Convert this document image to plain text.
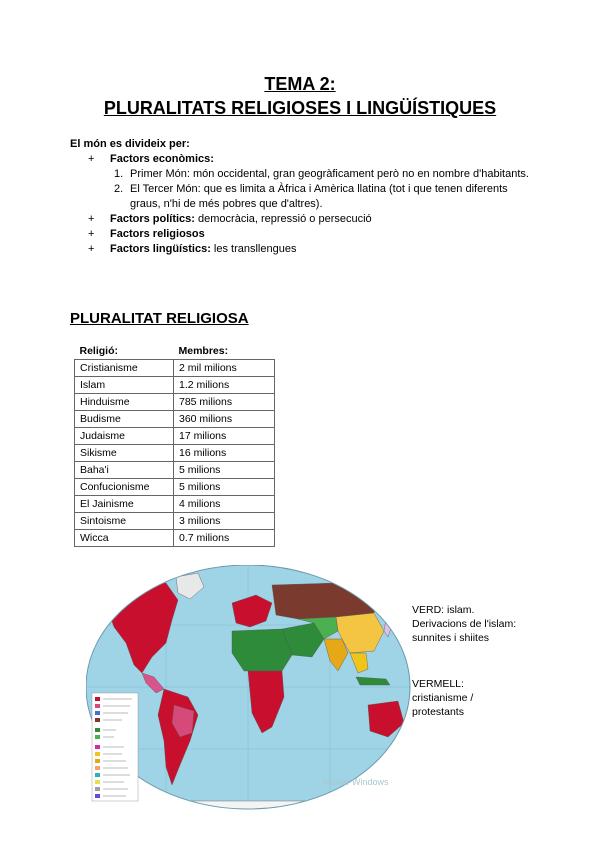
TEMA 2:
PLURALITATS RELIGIOSES I LINGÜÍSTIQUES
El món es divideix per:
+ Factors econòmics:
1. Primer Món: món occidental, gran geogràficament però no en nombre d'habitants.
2. El Tercer Món: que es limita a Àfrica i Amèrica llatina (tot i que tenen diferents graus, n'hi de més pobres que d'altres).
+ Factors polítics: democràcia, repressió o persecució
+ Factors religiosos
+ Factors lingüístics: les transllengues
PLURALITAT RELIGIOSA
Religió:	Membres:
Cristianisme	2 mil milions
Islam	1.2 milions
Hinduisme	785 milions
Budisme	360 milions
Judaisme	17 milions
Sikisme	16 milions
Baha'i	5 milions
Confucionisme	5 milions
El Jainisme	4 milions
Sintoisme	3 milions
Wicca	0.7 milions
Activar Windows
VERD: islam.
Derivacions de l'islam:
sunnites i shiites
VERMELL:
cristianisme /
protestants
